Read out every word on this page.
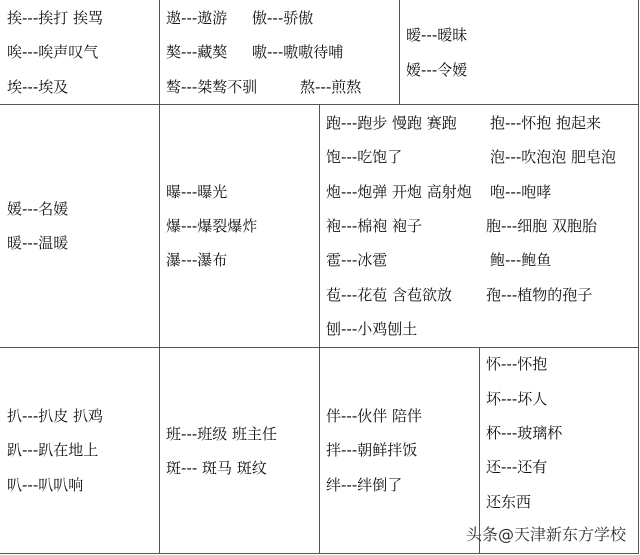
挨---挨打 挨骂
唉---唉声叹气
埃---埃及
遨---遨游
獒---藏獒
骜---桀骜不驯
傲---骄傲
嗷---嗷嗷待哺
熬---煎熬
暧---暧昧
嫒---令嫒
媛---名媛
暖---温暖
曝---曝光
爆---爆裂爆炸
瀑---瀑布
跑---跑步 慢跑 赛跑
饱---吃饱了
炮---炮弹 开炮 高射炮
袍---棉袍 袍子
雹---冰雹
苞---花苞 含苞欲放
刨---小鸡刨土
抱---怀抱 抱起来
泡---吹泡泡 肥皂泡
咆---咆哮
胞---细胞 双胞胎
鲍---鲍鱼
孢---植物的孢子
扒---扒皮 扒鸡
趴---趴在地上
叭---叭叭响
班---班级 班主任
斑--- 斑马 斑纹
伴---伙伴 陪伴
拌---朝鲜拌饭
绊---绊倒了
怀---怀抱
坏---坏人
杯---玻璃杯
还---还有
还东西
头条@天津新东方学校
